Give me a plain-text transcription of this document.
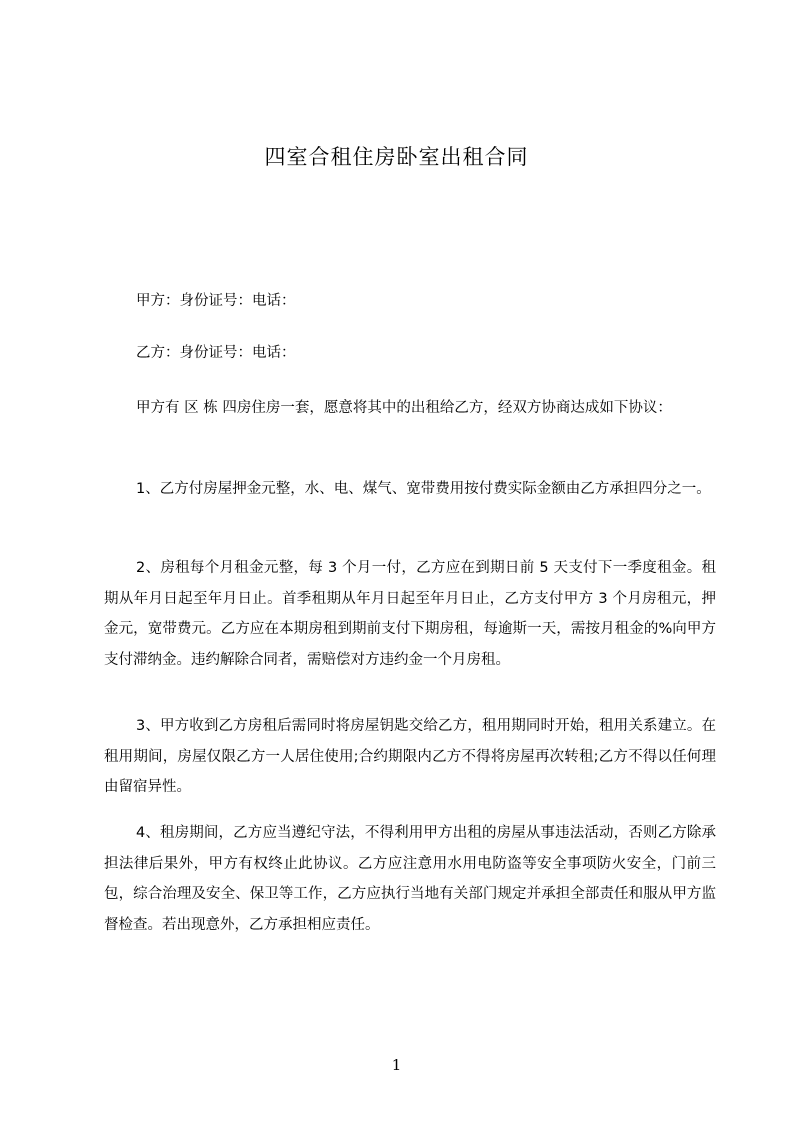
四室合租住房卧室出租合同

甲方：身份证号：电话：

乙方：身份证号：电话：

甲方有 区 栋 四房住房一套，愿意将其中的出租给乙方，经双方协商达成如下协议：

1、乙方付房屋押金元整，水、电、煤气、宽带费用按付费实际金额由乙方承担四分之一。

2、房租每个月租金元整，每 3 个月一付，乙方应在到期日前 5 天支付下一季度租金。租期从年月日起至年月日止。首季租期从年月日起至年月日止，乙方支付甲方 3 个月房租元，押金元，宽带费元。乙方应在本期房租到期前支付下期房租，每逾斯一天，需按月租金的%向甲方支付滞纳金。违约解除合同者，需赔偿对方违约金一个月房租。

3、甲方收到乙方房租后需同时将房屋钥匙交给乙方，租用期同时开始，租用关系建立。在租用期间，房屋仅限乙方一人居住使用;合约期限内乙方不得将房屋再次转租;乙方不得以任何理由留宿异性。

4、租房期间，乙方应当遵纪守法，不得利用甲方出租的房屋从事违法活动，否则乙方除承担法律后果外，甲方有权终止此协议。乙方应注意用水用电防盗等安全事项防火安全，门前三包，综合治理及安全、保卫等工作，乙方应执行当地有关部门规定并承担全部责任和服从甲方监督检查。若出现意外，乙方承担相应责任。

1
